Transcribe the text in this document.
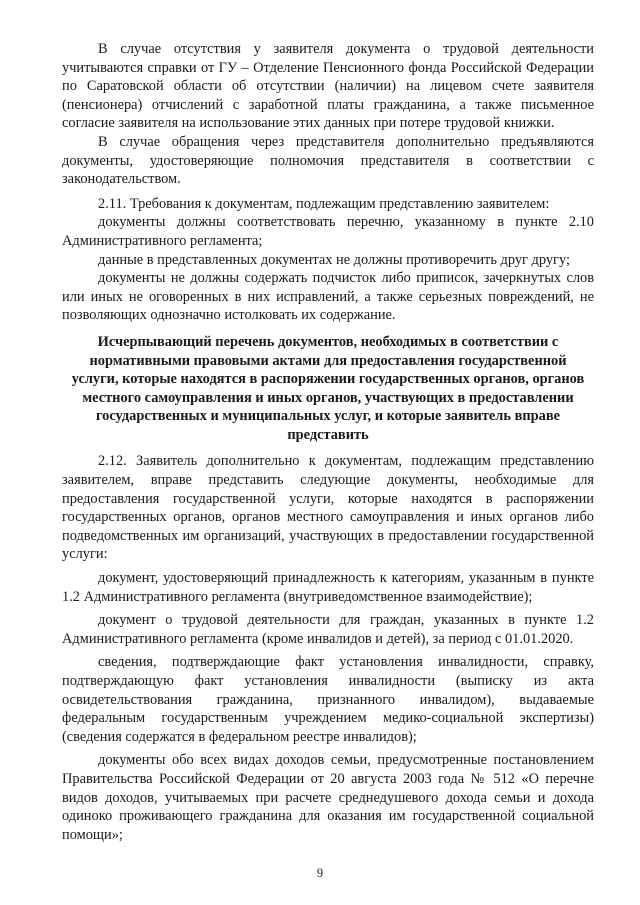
В случае отсутствия у заявителя документа о трудовой деятельности учитываются справки от ГУ – Отделение Пенсионного фонда Российской Федерации по Саратовской области об отсутствии (наличии) на лицевом счете заявителя (пенсионера) отчислений с заработной платы гражданина, а также письменное согласие заявителя на использование этих данных при потере трудовой книжки.

В случае обращения через представителя дополнительно предъявляются документы, удостоверяющие полномочия представителя в соответствии с законодательством.

2.11. Требования к документам, подлежащим представлению заявителем:

документы должны соответствовать перечню, указанному в пункте 2.10 Административного регламента;

данные в представленных документах не должны противоречить друг другу;

документы не должны содержать подчисток либо приписок, зачеркнутых слов или иных не оговоренных в них исправлений, а также серьезных повреждений, не позволяющих однозначно истолковать их содержание.

Исчерпывающий перечень документов, необходимых в соответствии с нормативными правовыми актами для предоставления государственной услуги, которые находятся в распоряжении государственных органов, органов местного самоуправления и иных органов, участвующих в предоставлении государственных и муниципальных услуг, и которые заявитель вправе представить

2.12. Заявитель дополнительно к документам, подлежащим представлению заявителем, вправе представить следующие документы, необходимые для предоставления государственной услуги, которые находятся в распоряжении государственных органов, органов местного самоуправления и иных органов либо подведомственных им организаций, участвующих в предоставлении государственной услуги:

документ, удостоверяющий принадлежность к категориям, указанным в пункте 1.2 Административного регламента (внутриведомственное взаимодействие);

документ о трудовой деятельности для граждан, указанных в пункте 1.2 Административного регламента (кроме инвалидов и детей), за период с 01.01.2020.

сведения, подтверждающие факт установления инвалидности, справку, подтверждающую факт установления инвалидности (выписку из акта освидетельствования гражданина, признанного инвалидом), выдаваемые федеральным государственным учреждением медико-социальной экспертизы) (сведения содержатся в федеральном реестре инвалидов);

документы обо всех видах доходов семьи, предусмотренные постановлением Правительства Российской Федерации от 20 августа 2003 года № 512 «О перечне видов доходов, учитываемых при расчете среднедушевого дохода семьи и дохода одиноко проживающего гражданина для оказания им государственной социальной помощи»;

9
